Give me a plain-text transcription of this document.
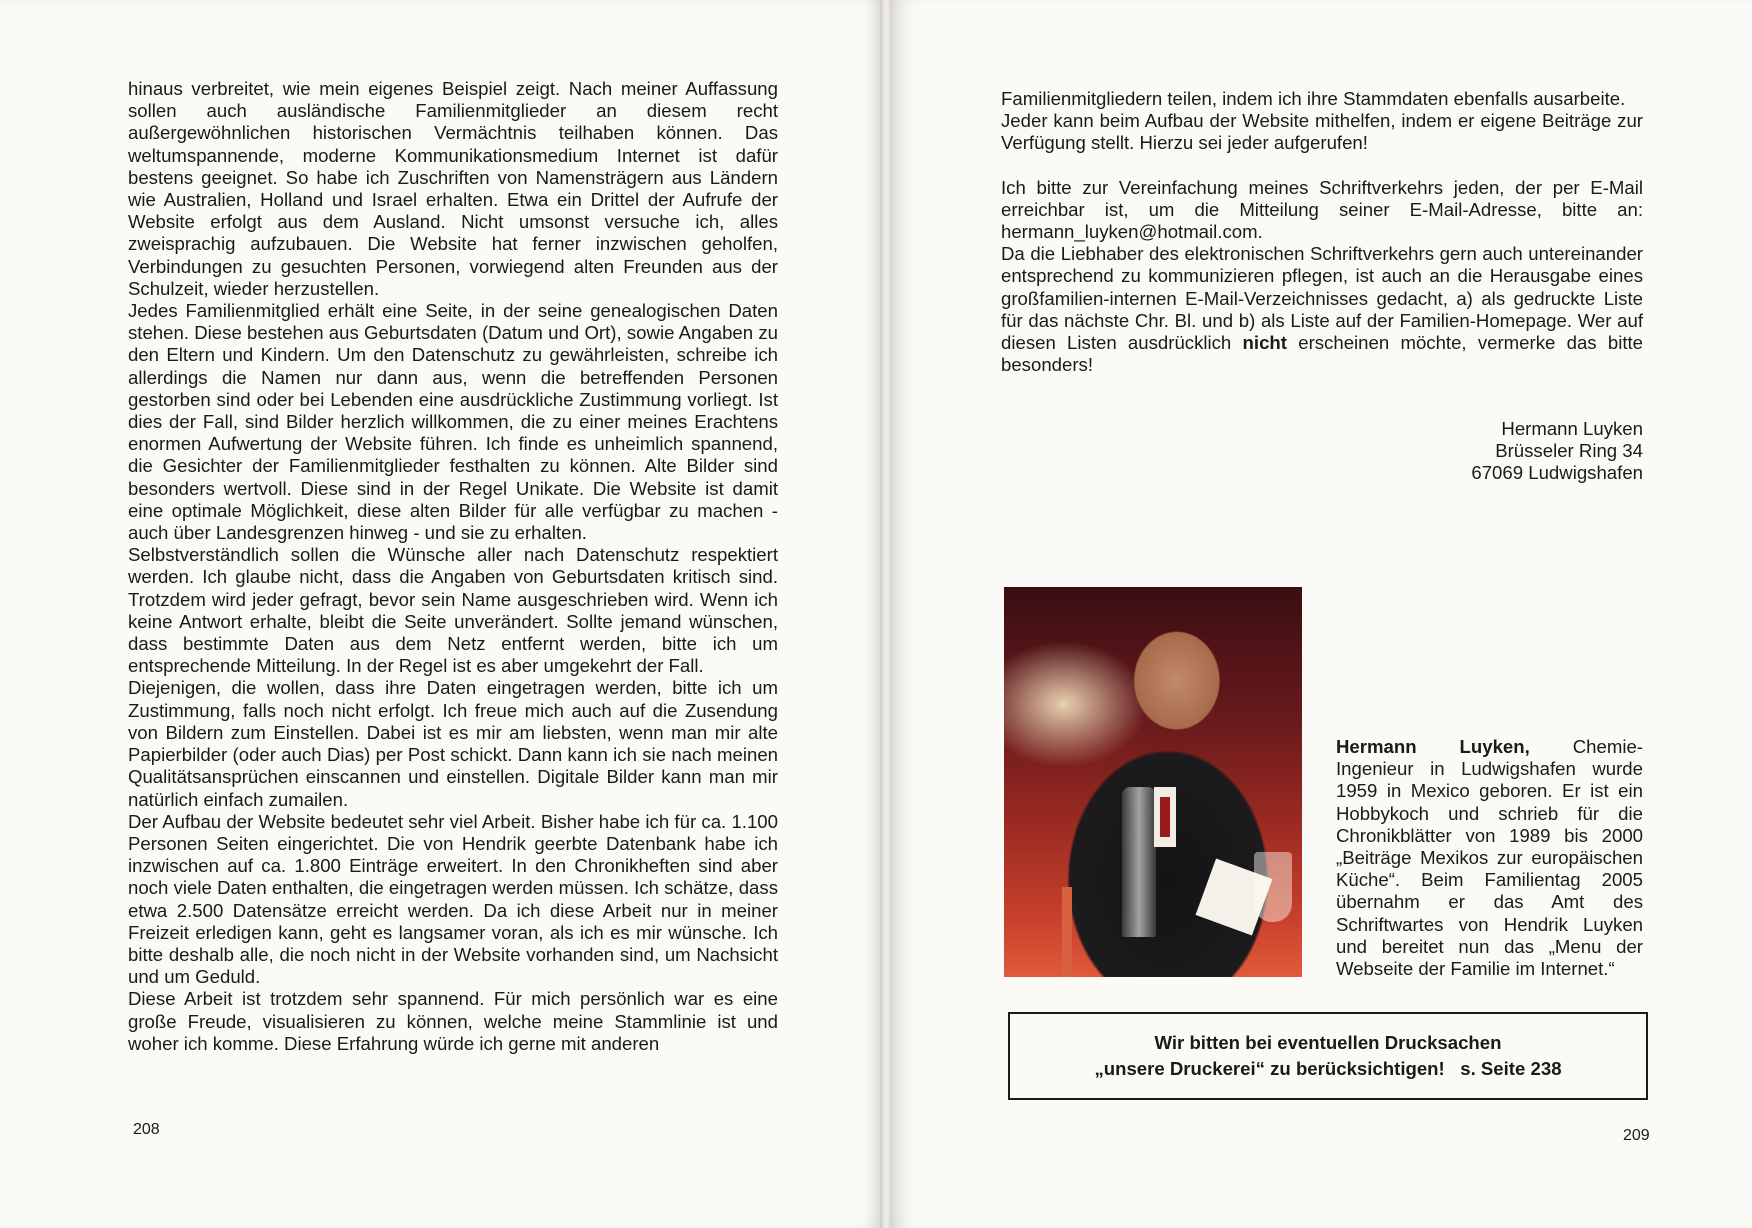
hinaus verbreitet, wie mein eigenes Beispiel zeigt. Nach meiner Auffassung sollen auch ausländische Familienmitglieder an diesem recht außergewöhnlichen historischen Vermächtnis teilhaben können. Das weltumspannende, moderne Kommunikationsmedium Internet ist dafür bestens geeignet. So habe ich Zuschriften von Namensträgern aus Ländern wie Australien, Holland und Israel erhalten. Etwa ein Drittel der Aufrufe der Website erfolgt aus dem Ausland. Nicht umsonst versuche ich, alles zweisprachig aufzubauen. Die Website hat ferner inzwischen geholfen, Verbindungen zu gesuchten Personen, vorwiegend alten Freunden aus der Schulzeit, wieder herzustellen.

Jedes Familienmitglied erhält eine Seite, in der seine genealogischen Daten stehen. Diese bestehen aus Geburtsdaten (Datum und Ort), sowie Angaben zu den Eltern und Kindern. Um den Datenschutz zu gewährleisten, schreibe ich allerdings die Namen nur dann aus, wenn die betreffenden Personen gestorben sind oder bei Lebenden eine ausdrückliche Zustimmung vorliegt. Ist dies der Fall, sind Bilder herzlich willkommen, die zu einer meines Erachtens enormen Aufwertung der Website führen. Ich finde es unheimlich spannend, die Gesichter der Familienmitglieder festhalten zu können. Alte Bilder sind besonders wertvoll. Diese sind in der Regel Unikate. Die Website ist damit eine optimale Möglichkeit, diese alten Bilder für alle verfügbar zu machen - auch über Landesgrenzen hinweg - und sie zu erhalten.

Selbstverständlich sollen die Wünsche aller nach Datenschutz respektiert werden. Ich glaube nicht, dass die Angaben von Geburtsdaten kritisch sind. Trotzdem wird jeder gefragt, bevor sein Name ausgeschrieben wird. Wenn ich keine Antwort erhalte, bleibt die Seite unverändert. Sollte jemand wünschen, dass bestimmte Daten aus dem Netz entfernt werden, bitte ich um entsprechende Mitteilung. In der Regel ist es aber umgekehrt der Fall.

Diejenigen, die wollen, dass ihre Daten eingetragen werden, bitte ich um Zustimmung, falls noch nicht erfolgt. Ich freue mich auch auf die Zusendung von Bildern zum Einstellen. Dabei ist es mir am liebsten, wenn man mir alte Papierbilder (oder auch Dias) per Post schickt. Dann kann ich sie nach meinen Qualitätsansprüchen einscannen und einstellen. Digitale Bilder kann man mir natürlich einfach zumailen.

Der Aufbau der Website bedeutet sehr viel Arbeit. Bisher habe ich für ca. 1.100 Personen Seiten eingerichtet. Die von Hendrik geerbte Datenbank habe ich inzwischen auf ca. 1.800 Einträge erweitert. In den Chronikheften sind aber noch viele Daten enthalten, die eingetragen werden müssen. Ich schätze, dass etwa 2.500 Datensätze erreicht werden. Da ich diese Arbeit nur in meiner Freizeit erledigen kann, geht es langsamer voran, als ich es mir wünsche. Ich bitte deshalb alle, die noch nicht in der Website vorhanden sind, um Nachsicht und um Geduld.

Diese Arbeit ist trotzdem sehr spannend. Für mich persönlich war es eine große Freude, visualisieren zu können, welche meine Stammlinie ist und woher ich komme. Diese Erfahrung würde ich gerne mit anderen

208

Familienmitgliedern teilen, indem ich ihre Stammdaten ebenfalls ausarbeite.

Jeder kann beim Aufbau der Website mithelfen, indem er eigene Beiträge zur Verfügung stellt. Hierzu sei jeder aufgerufen!

Ich bitte zur Vereinfachung meines Schriftverkehrs jeden, der per E-Mail erreichbar ist, um die Mitteilung seiner E-Mail-Adresse, bitte an: hermann_luyken@hotmail.com.

Da die Liebhaber des elektronischen Schriftverkehrs gern auch untereinander entsprechend zu kommunizieren pflegen, ist auch an die Herausgabe eines großfamilien-internen E-Mail-Verzeichnisses gedacht, a) als gedruckte Liste für das nächste Chr. Bl. und b) als Liste auf der Familien-Homepage. Wer auf diesen Listen ausdrücklich nicht erscheinen möchte, vermerke das bitte besonders!

Hermann Luyken
Brüsseler Ring 34
67069 Ludwigshafen
Hermann Luyken, Chemie-Ingenieur in Ludwigshafen wurde 1959 in Mexico geboren. Er ist ein Hobbykoch und schrieb für die Chronikblätter von 1989 bis 2000 „Beiträge Mexikos zur europäischen Küche“. Beim Familientag 2005 übernahm er das Amt des Schriftwartes von Hendrik Luyken und bereitet nun das „Menu der Webseite der Familie im Internet.“
Wir bitten bei eventuellen Drucksachen
„unsere Druckerei“ zu berücksichtigen!   s. Seite 238
209
